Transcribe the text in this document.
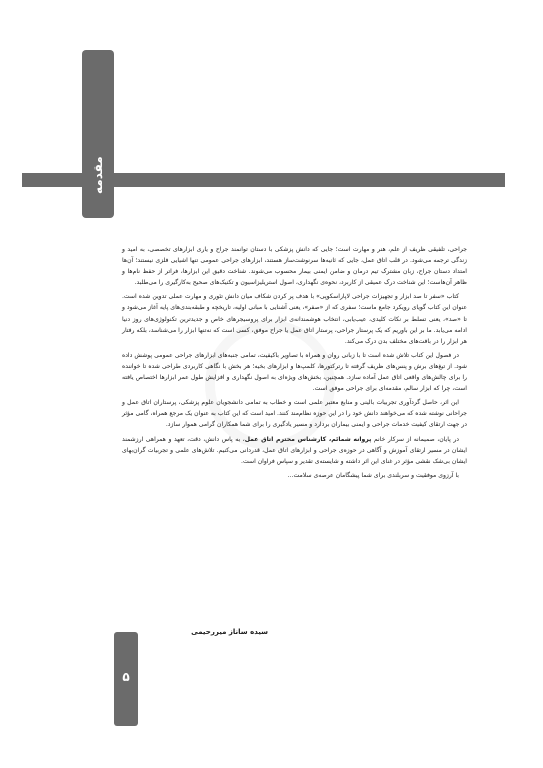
مقدمه

جراحی، تلفیقی ظریف از علم، هنر و مهارت است؛ جایی که دانش پزشکی با دستان توانمند جراح و یاری ابزارهای تخصصی، به امید و زندگی ترجمه می‌شود. در قلب اتاق عمل، جایی که ثانیه‌ها سرنوشت‌ساز هستند، ابزارهای جراحی عمومی تنها اشیایی فلزی نیستند؛ آن‌ها امتداد دستان جراح، زبان مشترک تیم درمان و ضامن ایمنی بیمار محسوب می‌شوند. شناخت دقیق این ابزارها، فراتر از حفظ نام‌ها و ظاهر آن‌هاست؛ این شناخت درک عمیقی از کاربرد، نحوه‌ی نگهداری، اصول استریلیزاسیون و تکنیک‌های صحیح به‌کارگیری را می‌طلبد.

کتاب «سفر تا صد ابزار و تجهیزات جراحی لاپاراسکوپی» با هدف پر کردن شکاف میان دانش تئوری و مهارت عملی تدوین شده است. عنوان این کتاب گویای رویکرد جامع ماست؛ سفری که از «صفر»، یعنی آشنایی با مبانی اولیه، تاریخچه و طبقه‌بندی‌های پایه آغاز می‌شود و تا «صد»، یعنی تسلط بر نکات کلیدی، عیب‌یابی، انتخاب هوشمندانه‌ی ابزار برای پروسیجرهای خاص و جدیدترین تکنولوژی‌های روز دنیا ادامه می‌یابد. ما بر این باوریم که یک پرستار جراحی، پرستار اتاق عمل یا جراح موفق، کسی است که نه‌تنها ابزار را می‌شناسد، بلکه رفتار هر ابزار را در بافت‌های مختلف بدن درک می‌کند.

در فصول این کتاب تلاش شده است تا با زبانی روان و همراه با تصاویر باکیفیت، تمامی جنبه‌های ابزارهای جراحی عمومی پوشش داده شود. از تیغ‌های برش و پنس‌های ظریف گرفته تا رترکتورها، کلمپ‌ها و ابزارهای بخیه؛ هر بخش با نگاهی کاربردی طراحی شده تا خواننده را برای چالش‌های واقعی اتاق عمل آماده سازد. همچنین، بخش‌های ویژه‌ای به اصول نگهداری و افزایش طول عمر ابزارها اختصاص یافته است، چرا که ابزار سالم، مقدمه‌ای برای جراحی موفق است.

این اثر، حاصل گردآوری تجربیات بالینی و منابع معتبر علمی است و خطاب به تمامی دانشجویان علوم پزشکی، پرستاران اتاق عمل و جراحانی نوشته شده که می‌خواهند دانش خود را در این حوزه نظام‌مند کنند. امید است که این کتاب به عنوان یک مرجع همراه، گامی مؤثر در جهت ارتقای کیفیت خدمات جراحی و ایمنی بیماران بردارد و مسیر یادگیری را برای شما همکاران گرامی هموار سازد.

در پایان، صمیمانه از سرکار خانم پروانه شمائم، کارشناس محترم اتاق عمل، به پاس دانش، دقت، تعهد و همراهی ارزشمند ایشان در مسیر ارتقای آموزش و آگاهی در حوزه‌ی جراحی و ابزارهای اتاق عمل، قدردانی می‌کنیم. تلاش‌های علمی و تجربیات گران‌بهای ایشان بی‌شک نقشی مؤثر در غنای این اثر داشته و شایسته‌ی تقدیر و سپاس فراوان است.

با آرزوی موفقیت و سربلندی برای شما پیشگامان عرصه‌ی سلامت...

سیده ساناز میررحیمی
۵
